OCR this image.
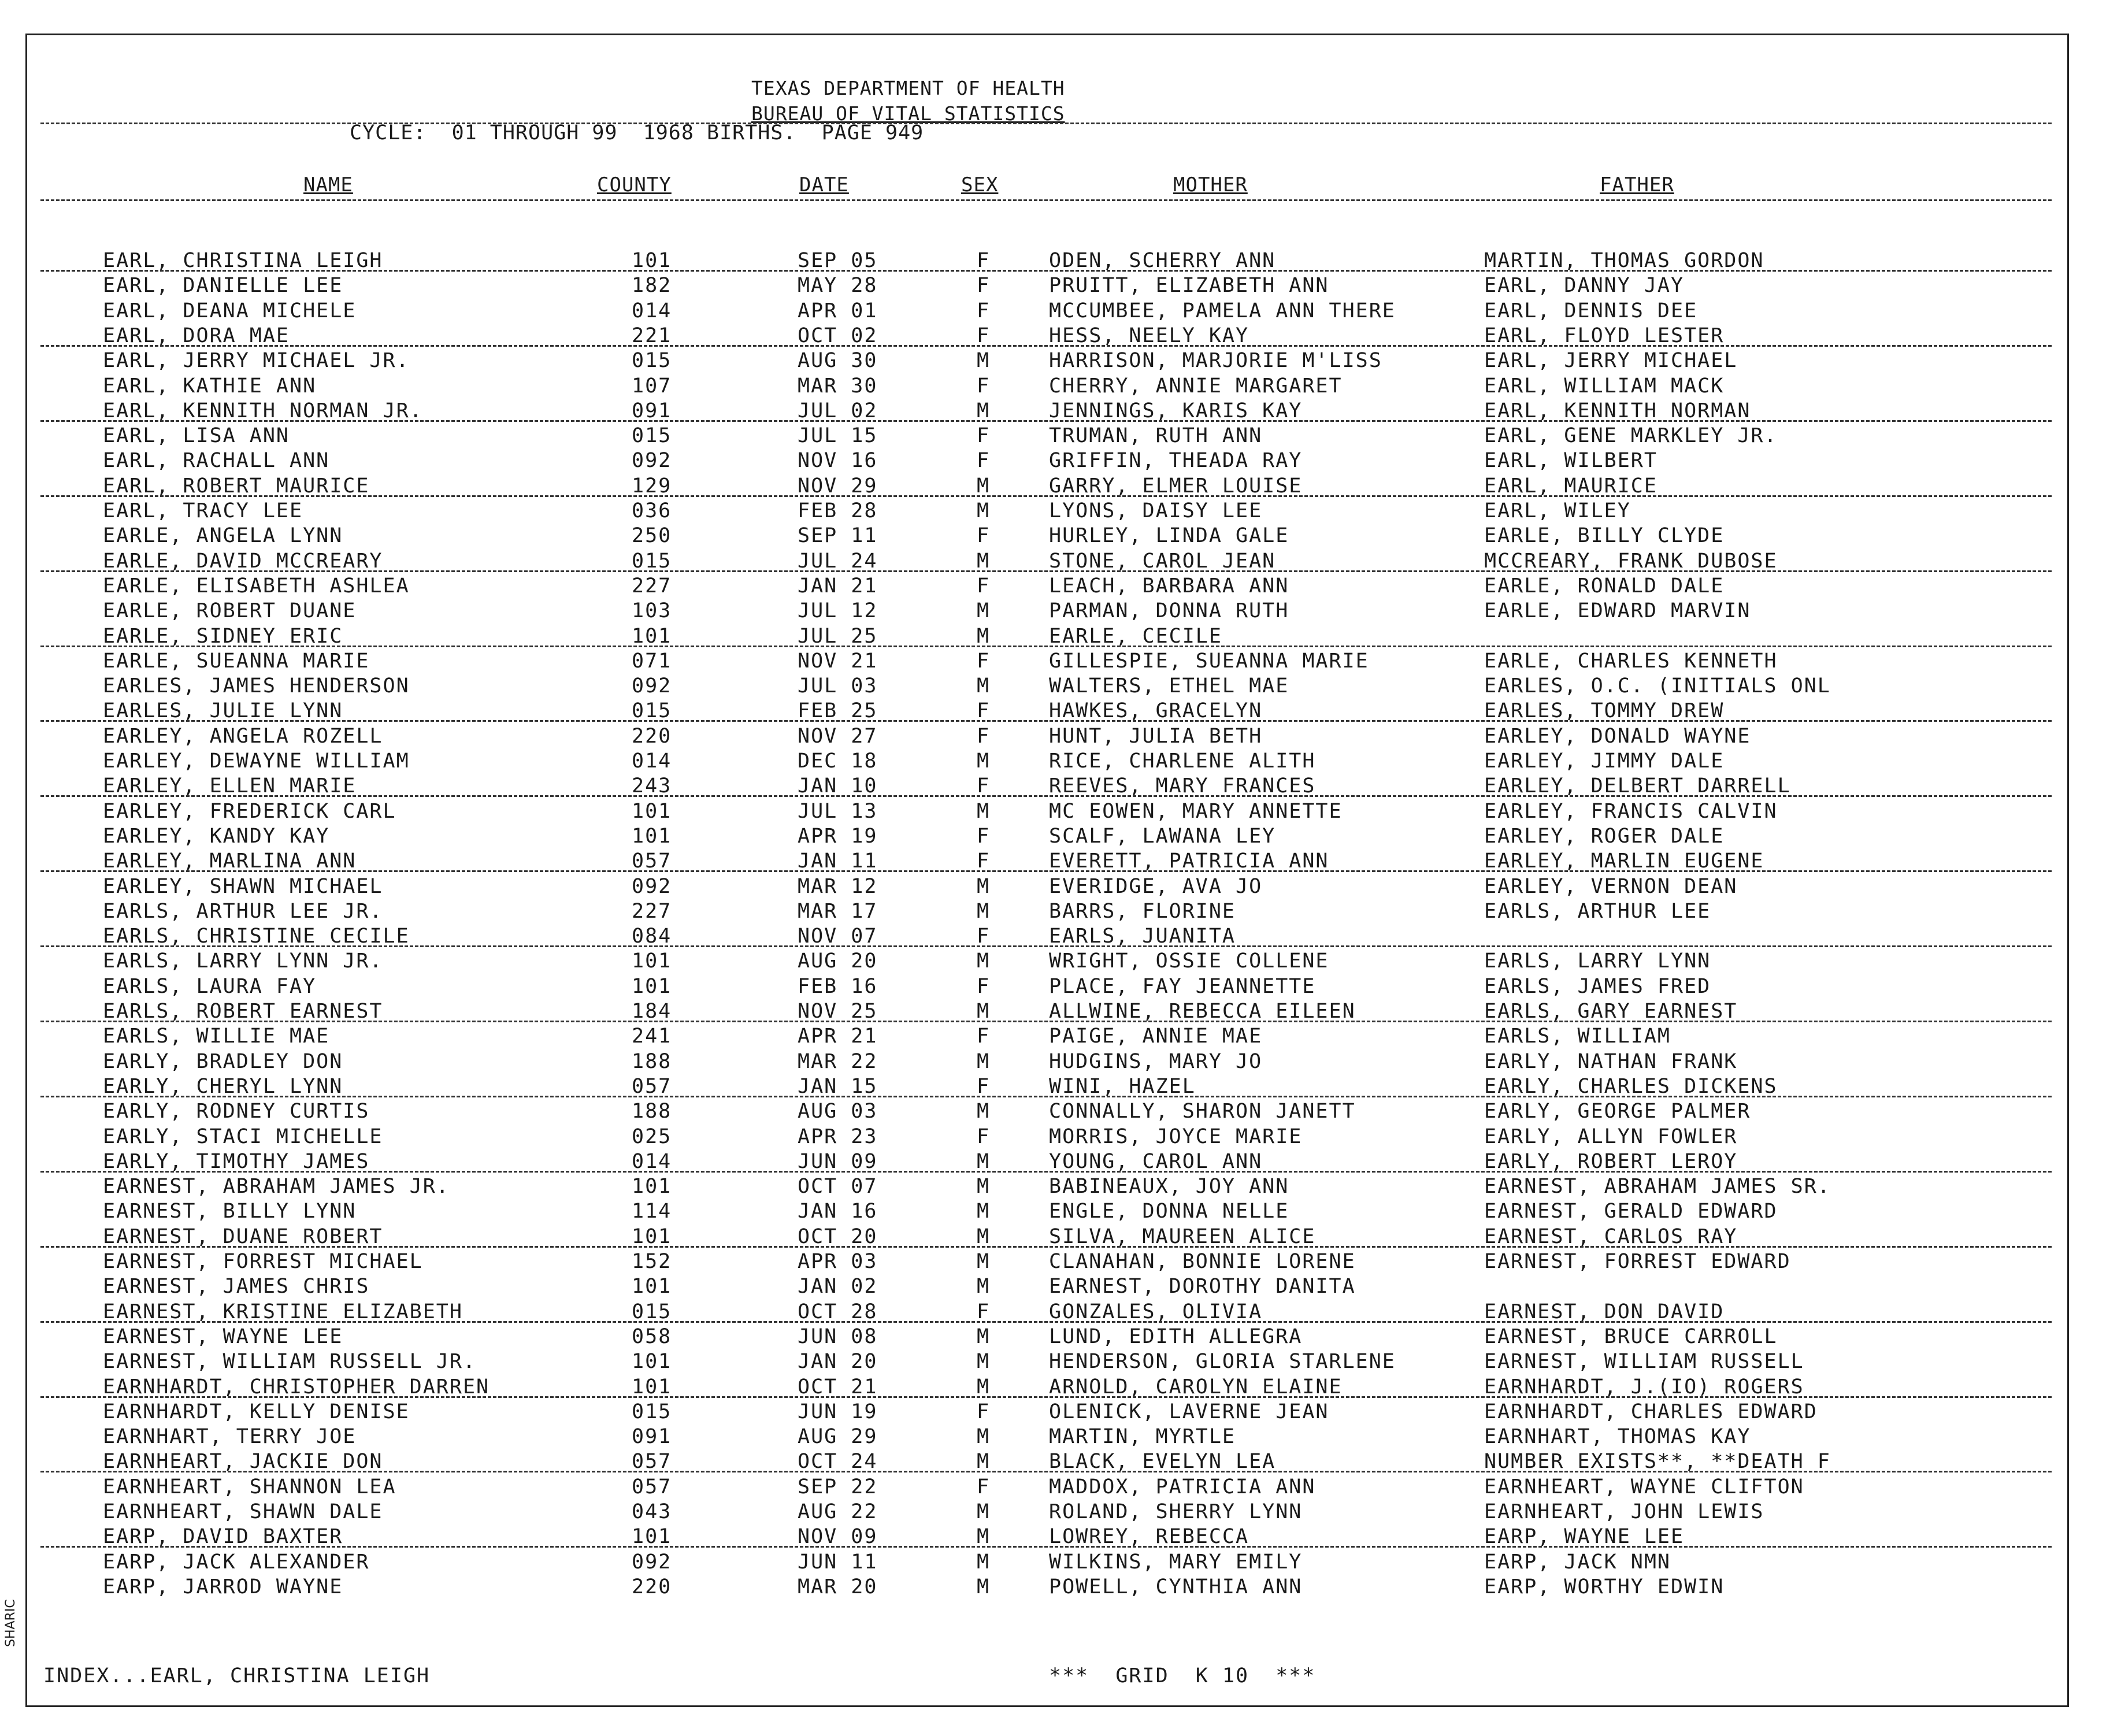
TEXAS DEPARTMENT OF HEALTH
BUREAU OF VITAL STATISTICS
CYCLE:  01 THROUGH 99  1968 BIRTHS.  PAGE 949
NAME	COUNTY	DATE	SEX	MOTHER	FATHER
EARL, CHRISTINA LEIGH	101	SEP 05	F	ODEN, SCHERRY ANN	MARTIN, THOMAS GORDON
EARL, DANIELLE LEE	182	MAY 28	F	PRUITT, ELIZABETH ANN	EARL, DANNY JAY
EARL, DEANA MICHELE	014	APR 01	F	MCCUMBEE, PAMELA ANN THERE	EARL, DENNIS DEE
EARL, DORA MAE	221	OCT 02	F	HESS, NEELY KAY	EARL, FLOYD LESTER
EARL, JERRY MICHAEL JR.	015	AUG 30	M	HARRISON, MARJORIE M'LISS	EARL, JERRY MICHAEL
EARL, KATHIE ANN	107	MAR 30	F	CHERRY, ANNIE MARGARET	EARL, WILLIAM MACK
EARL, KENNITH NORMAN JR.	091	JUL 02	M	JENNINGS, KARIS KAY	EARL, KENNITH NORMAN
EARL, LISA ANN	015	JUL 15	F	TRUMAN, RUTH ANN	EARL, GENE MARKLEY JR.
EARL, RACHALL ANN	092	NOV 16	F	GRIFFIN, THEADA RAY	EARL, WILBERT
EARL, ROBERT MAURICE	129	NOV 29	M	GARRY, ELMER LOUISE	EARL, MAURICE
EARL, TRACY LEE	036	FEB 28	M	LYONS, DAISY LEE	EARL, WILEY
EARLE, ANGELA LYNN	250	SEP 11	F	HURLEY, LINDA GALE	EARLE, BILLY CLYDE
EARLE, DAVID MCCREARY	015	JUL 24	M	STONE, CAROL JEAN	MCCREARY, FRANK DUBOSE
EARLE, ELISABETH ASHLEA	227	JAN 21	F	LEACH, BARBARA ANN	EARLE, RONALD DALE
EARLE, ROBERT DUANE	103	JUL 12	M	PARMAN, DONNA RUTH	EARLE, EDWARD MARVIN
EARLE, SIDNEY ERIC	101	JUL 25	M	EARLE, CECILE
EARLE, SUEANNA MARIE	071	NOV 21	F	GILLESPIE, SUEANNA MARIE	EARLE, CHARLES KENNETH
EARLES, JAMES HENDERSON	092	JUL 03	M	WALTERS, ETHEL MAE	EARLES, O.C. (INITIALS ONL
EARLES, JULIE LYNN	015	FEB 25	F	HAWKES, GRACELYN	EARLES, TOMMY DREW
EARLEY, ANGELA ROZELL	220	NOV 27	F	HUNT, JULIA BETH	EARLEY, DONALD WAYNE
EARLEY, DEWAYNE WILLIAM	014	DEC 18	M	RICE, CHARLENE ALITH	EARLEY, JIMMY DALE
EARLEY, ELLEN MARIE	243	JAN 10	F	REEVES, MARY FRANCES	EARLEY, DELBERT DARRELL
EARLEY, FREDERICK CARL	101	JUL 13	M	MC EOWEN, MARY ANNETTE	EARLEY, FRANCIS CALVIN
EARLEY, KANDY KAY	101	APR 19	F	SCALF, LAWANA LEY	EARLEY, ROGER DALE
EARLEY, MARLINA ANN	057	JAN 11	F	EVERETT, PATRICIA ANN	EARLEY, MARLIN EUGENE
EARLEY, SHAWN MICHAEL	092	MAR 12	M	EVERIDGE, AVA JO	EARLEY, VERNON DEAN
EARLS, ARTHUR LEE JR.	227	MAR 17	M	BARRS, FLORINE	EARLS, ARTHUR LEE
EARLS, CHRISTINE CECILE	084	NOV 07	F	EARLS, JUANITA
EARLS, LARRY LYNN JR.	101	AUG 20	M	WRIGHT, OSSIE COLLENE	EARLS, LARRY LYNN
EARLS, LAURA FAY	101	FEB 16	F	PLACE, FAY JEANNETTE	EARLS, JAMES FRED
EARLS, ROBERT EARNEST	184	NOV 25	M	ALLWINE, REBECCA EILEEN	EARLS, GARY EARNEST
EARLS, WILLIE MAE	241	APR 21	F	PAIGE, ANNIE MAE	EARLS, WILLIAM
EARLY, BRADLEY DON	188	MAR 22	M	HUDGINS, MARY JO	EARLY, NATHAN FRANK
EARLY, CHERYL LYNN	057	JAN 15	F	WINI, HAZEL	EARLY, CHARLES DICKENS
EARLY, RODNEY CURTIS	188	AUG 03	M	CONNALLY, SHARON JANETT	EARLY, GEORGE PALMER
EARLY, STACI MICHELLE	025	APR 23	F	MORRIS, JOYCE MARIE	EARLY, ALLYN FOWLER
EARLY, TIMOTHY JAMES	014	JUN 09	M	YOUNG, CAROL ANN	EARLY, ROBERT LEROY
EARNEST, ABRAHAM JAMES JR.	101	OCT 07	M	BABINEAUX, JOY ANN	EARNEST, ABRAHAM JAMES SR.
EARNEST, BILLY LYNN	114	JAN 16	M	ENGLE, DONNA NELLE	EARNEST, GERALD EDWARD
EARNEST, DUANE ROBERT	101	OCT 20	M	SILVA, MAUREEN ALICE	EARNEST, CARLOS RAY
EARNEST, FORREST MICHAEL	152	APR 03	M	CLANAHAN, BONNIE LORENE	EARNEST, FORREST EDWARD
EARNEST, JAMES CHRIS	101	JAN 02	M	EARNEST, DOROTHY DANITA
EARNEST, KRISTINE ELIZABETH	015	OCT 28	F	GONZALES, OLIVIA	EARNEST, DON DAVID
EARNEST, WAYNE LEE	058	JUN 08	M	LUND, EDITH ALLEGRA	EARNEST, BRUCE CARROLL
EARNEST, WILLIAM RUSSELL JR.	101	JAN 20	M	HENDERSON, GLORIA STARLENE	EARNEST, WILLIAM RUSSELL
EARNHARDT, CHRISTOPHER DARREN	101	OCT 21	M	ARNOLD, CAROLYN ELAINE	EARNHARDT, J.(IO) ROGERS
EARNHARDT, KELLY DENISE	015	JUN 19	F	OLENICK, LAVERNE JEAN	EARNHARDT, CHARLES EDWARD
EARNHART, TERRY JOE	091	AUG 29	M	MARTIN, MYRTLE	EARNHART, THOMAS KAY
EARNHEART, JACKIE DON	057	OCT 24	M	BLACK, EVELYN LEA	NUMBER EXISTS**, **DEATH F
EARNHEART, SHANNON LEA	057	SEP 22	F	MADDOX, PATRICIA ANN	EARNHEART, WAYNE CLIFTON
EARNHEART, SHAWN DALE	043	AUG 22	M	ROLAND, SHERRY LYNN	EARNHEART, JOHN LEWIS
EARP, DAVID BAXTER	101	NOV 09	M	LOWREY, REBECCA	EARP, WAYNE LEE
EARP, JACK ALEXANDER	092	JUN 11	M	WILKINS, MARY EMILY	EARP, JACK NMN
EARP, JARROD WAYNE	220	MAR 20	M	POWELL, CYNTHIA ANN	EARP, WORTHY EDWIN
INDEX...EARL, CHRISTINA LEIGH	***  GRID  K 10  ***
SHARIC
